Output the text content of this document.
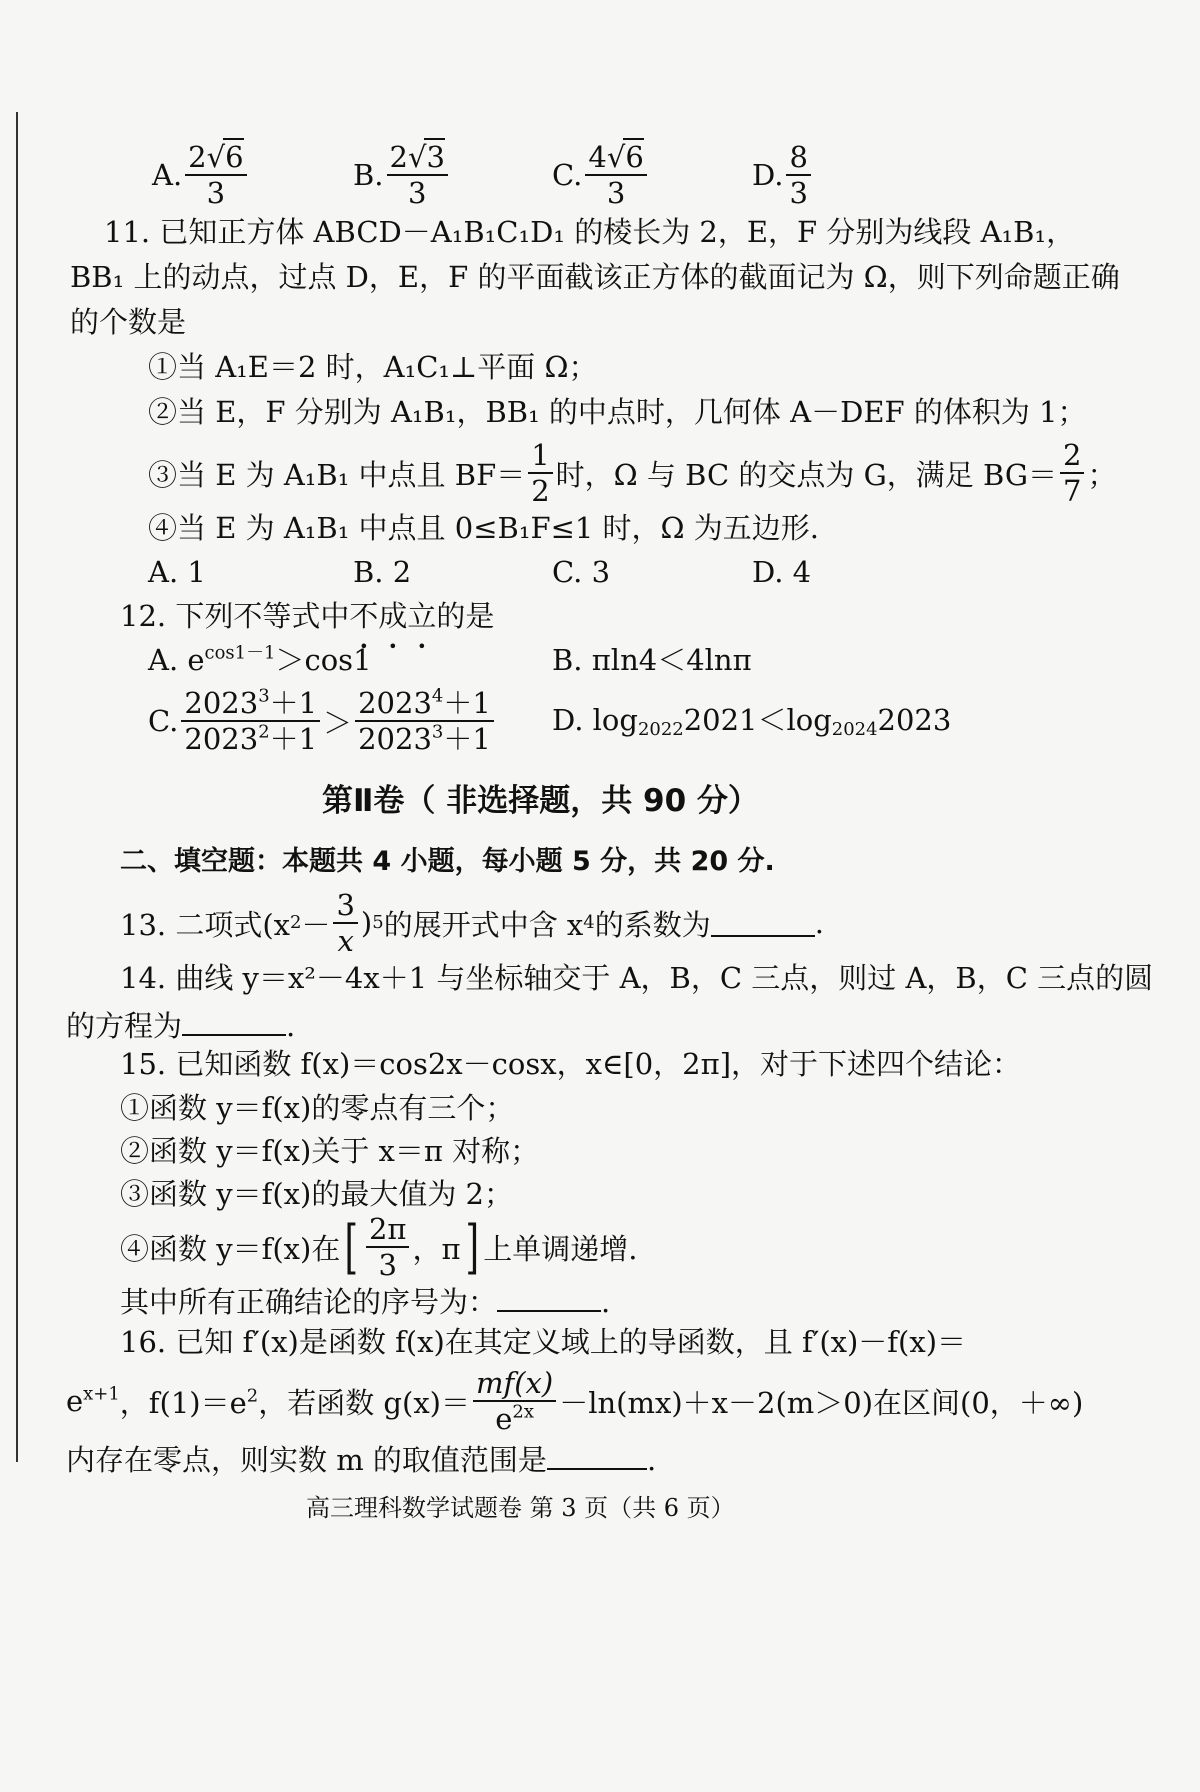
A. $\frac{2√6}{3}$	B. $\frac{2√3}{3}$	C. $\frac{4√6}{3}$	D. $\frac{8}{3}$
11. 已知正方体 ABCD－A₁B₁C₁D₁ 的棱长为 2，E，F 分别为线段 A₁B₁，
BB₁ 上的动点，过点 D，E，F 的平面截该正方体的截面记为 Ω，则下列命题正确
的个数是
①当 A₁E＝2 时，A₁C₁⊥平面 Ω；
②当 E，F 分别为 A₁B₁，BB₁ 的中点时，几何体 A－DEF 的体积为 1；
③当 E 为 A₁B₁ 中点且 $BF= \frac{1}{2}$ 时，Ω 与 BC 的交点为 G，满足 $BG= \frac{2}{7}$ ；
④当 E 为 A₁B₁ 中点且 0≤B₁F≤1 时，Ω 为五边形.
A. 1	B. 2	C. 3	D. 4
12. 下列不等式中不成立的是
A. $e^{cos1-1}>\cos 1$	B. πln4＜4lnπ
C. $\frac{2023^3+1}{2023^2+1} > \frac{2023^4+1}{2023^3+1} D$. $\log_{2022}2021<\log_{2024}2023$
第Ⅱ卷（ 非选择题，共 90 分）
二、填空题：本题共 4 小题，每小题 5 分，共 20 分.
13. 二项式(x $2 - \frac{3}{x}$ ) 5 的展开式中含 x 4 的系数为	.
14. 曲线 y＝x²－4x＋1 与坐标轴交于 A，B，C 三点，则过 A，B，C 三点的圆
的方程为	.
15. 已知函数 f(x)＝cos2x－cosx，x∈[0，2π]，对于下述四个结论：
①函数 y＝f(x)的零点有三个；
②函数 y＝f(x)关于 x＝π 对称；
③函数 y＝f(x)的最大值为 2；
④函数 y＝f(x)在 [ $\frac{2\pi}{3}$ ，π ] 上单调递增.
其中所有正确结论的序号为：	.
16. 已知 f′(x)是函数 f(x)在其定义域上的导函数，且 f′(x)－f(x)＝
$e^{x+1}$ ，$f(1)=e^2$ ，若函数 $g(x)= \frac{mf(x)}{e^{2x}} -\ln(mx)+x-2(m>0)$在区间(0，＋∞)
内存在零点，则实数 m 的取值范围是	.
高三理科数学试题卷 第 3 页（共 6 页）
